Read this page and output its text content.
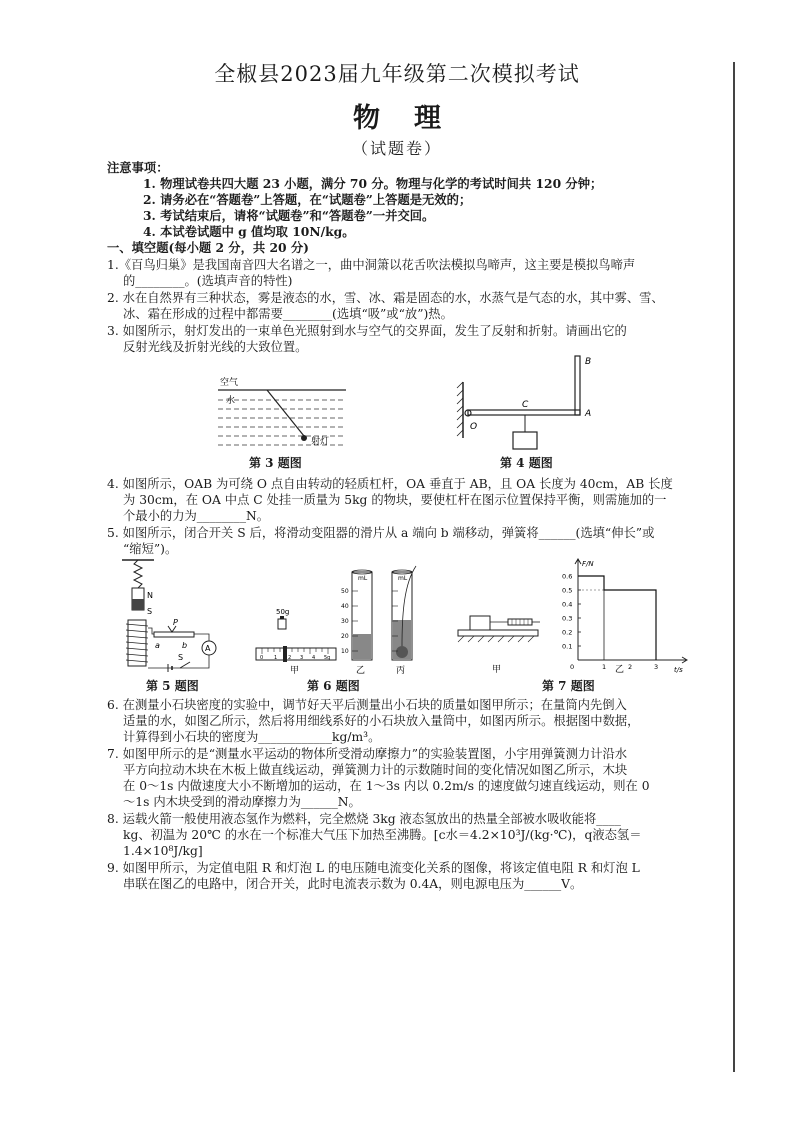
全椒县2023届九年级第二次模拟考试
物理
（试题卷）
注意事项：
1. 物理试卷共四大题 23 小题，满分 70 分。物理与化学的考试时间共 120 分钟；
2. 请务必在“答题卷”上答题，在“试题卷”上答题是无效的；
3. 考试结束后，请将“试题卷”和“答题卷”一并交回。
4. 本试卷试题中 g 值均取 10N/kg。
一、填空题(每小题 2 分，共 20 分)
1.《百鸟归巢》是我国南音四大名谱之一，曲中洞箫以花舌吹法模拟鸟啼声，这主要是模拟鸟啼声
的________。(选填声音的特性)
2. 水在自然界有三种状态，雾是液态的水，雪、冰、霜是固态的水，水蒸气是气态的水，其中雾、雪、
冰、霜在形成的过程中都需要________(选填“吸”或“放”)热。
3. 如图所示，射灯发出的一束单色光照射到水与空气的交界面，发生了反射和折射。请画出它的
反射光线及折射光线的大致位置。
空气
水
射灯
第 3 题图
B
A
C
O
第 4 题图
4. 如图所示，OAB 为可绕 O 点自由转动的轻质杠杆，OA 垂直于 AB，且 OA 长度为 40cm，AB 长度
为 30cm，在 OA 中点 C 处挂一质量为 5kg 的物块，要使杠杆在图示位置保持平衡，则需施加的一
个最小的力为________N。
5. 如图所示，闭合开关 S 后，将滑动变阻器的滑片从 a 端向 b 端移动，弹簧将______(选填“伸长”或
“缩短”)。
N
S
P
a	b A
S
第 5 题图
50g
0 1 2 3 4 5g
甲
mL
50
40
30
20
10
乙
mL
丙
第 6 题图
甲
0.6
0.5
0.4
0.3
0.2
0.1
0	1	2	3
F/N
t/s
乙
第 7 题图
6. 在测量小石块密度的实验中，调节好天平后测量出小石块的质量如图甲所示；在量筒内先倒入
适量的水，如图乙所示，然后将用细线系好的小石块放入量筒中，如图丙所示。根据图中数据，
计算得到小石块的密度为____________kg/m³。
7. 如图甲所示的是“测量水平运动的物体所受滑动摩擦力”的实验装置图，小宇用弹簧测力计沿水
平方向拉动木块在木板上做直线运动，弹簧测力计的示数随时间的变化情况如图乙所示，木块
在 0～1s 内做速度大小不断增加的运动，在 1～3s 内以 0.2m/s 的速度做匀速直线运动，则在 0
～1s 内木块受到的滑动摩擦力为______N。
8. 运载火箭一般使用液态氢作为燃料，完全燃烧 3kg 液态氢放出的热量全部被水吸收能将____
kg、初温为 20℃ 的水在一个标准大气压下加热至沸腾。[c水＝4.2×10³J/(kg·℃)，q液态氢＝
1.4×10⁸J/kg]
9. 如图甲所示，为定值电阻 R 和灯泡 L 的电压随电流变化关系的图像，将该定值电阻 R 和灯泡 L
串联在图乙的电路中，闭合开关，此时电流表示数为 0.4A，则电源电压为______V。
